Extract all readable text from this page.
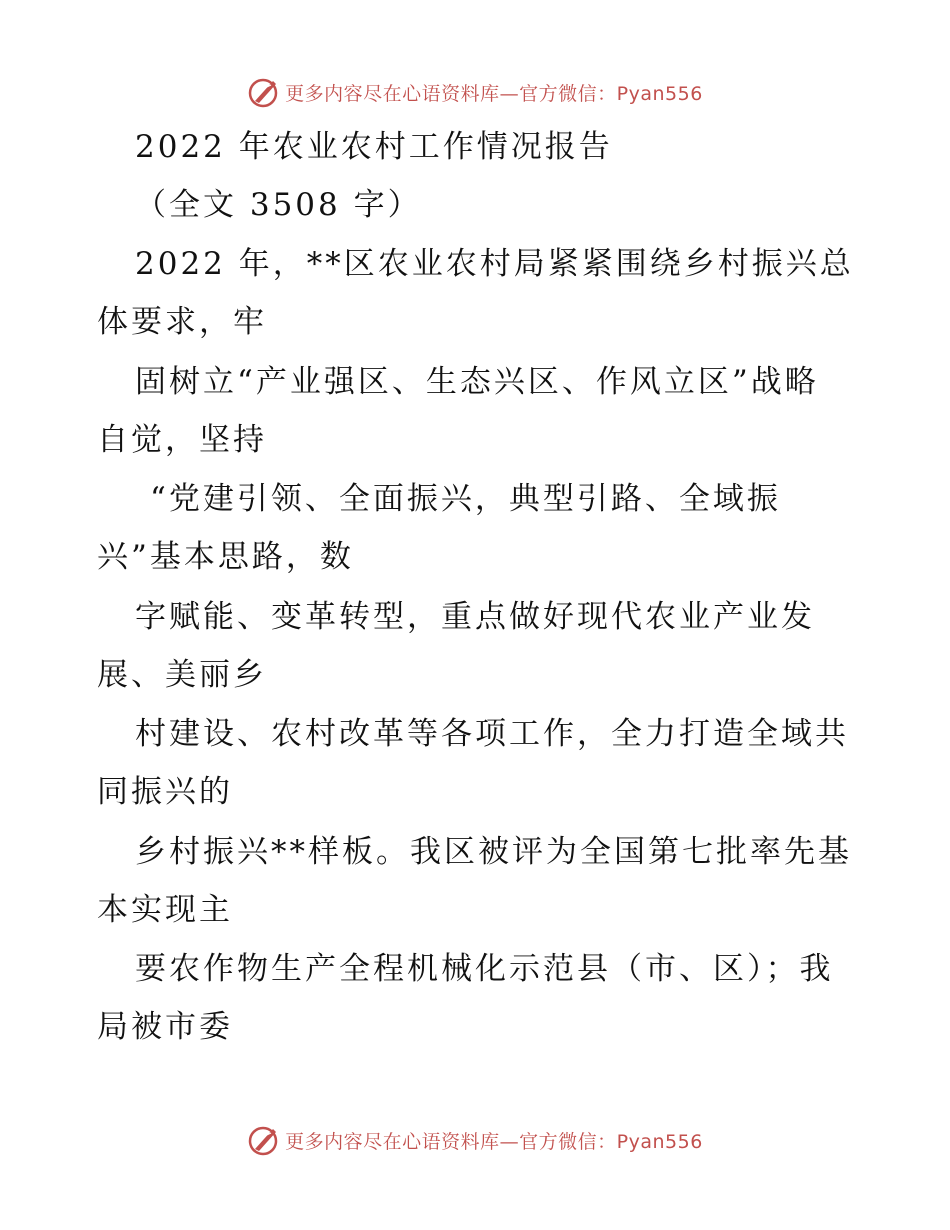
更多内容尽在心语资料库—官方微信：Pyan556
2022 年农业农村工作情况报告
（全文 3508 字）
2022 年，**区农业农村局紧紧围绕乡村振兴总
体要求，牢
固树立“产业强区、生态兴区、作风立区”战略
自觉，坚持
“党建引领、全面振兴，典型引路、全域振
兴”基本思路，数
字赋能、变革转型，重点做好现代农业产业发
展、美丽乡
村建设、农村改革等各项工作，全力打造全域共
同振兴的
乡村振兴**样板。我区被评为全国第七批率先基
本实现主
要农作物生产全程机械化示范县（市、区）；我
局被市委
更多内容尽在心语资料库—官方微信：Pyan556
